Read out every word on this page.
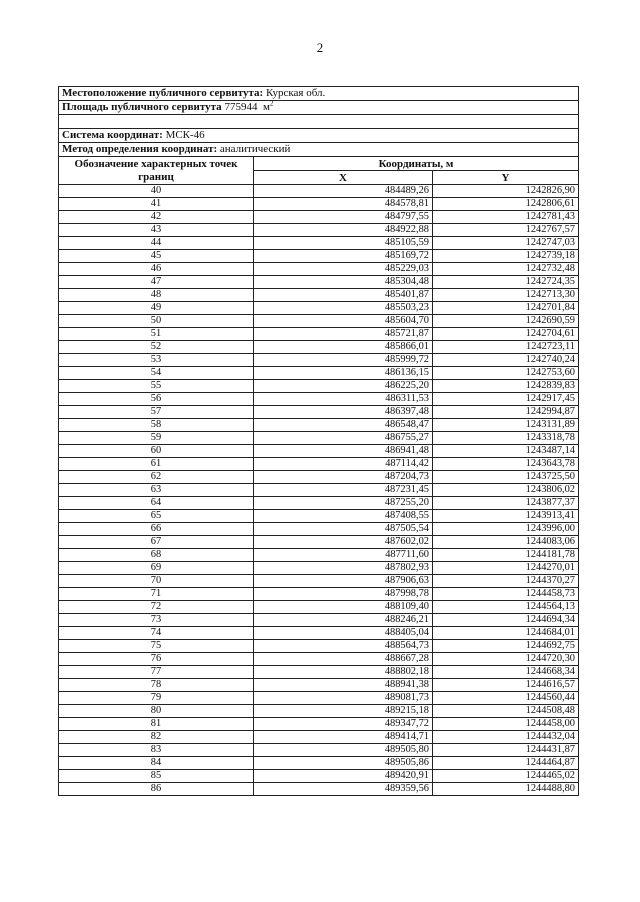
2
Местоположение публичного сервитута: Курская обл.		
Площадь публичного сервитута 775944 $м^2$

Система координат: МСК-46		
Метод определения координат: аналитический		
Обозначение характерных точек границ	Координаты, м	
	X	Y
40	484489,26	1242826,90
41	484578,81	1242806,61
42	484797,55	1242781,43
43	484922,88	1242767,57
44	485105,59	1242747,03
45	485169,72	1242739,18
46	485229,03	1242732,48
47	485304,48	1242724,35
48	485401,87	1242713,30
49	485503,23	1242701,84
50	485604,70	1242690,59
51	485721,87	1242704,61
52	485866,01	1242723,11
53	485999,72	1242740,24
54	486136,15	1242753,60
55	486225,20	1242839,83
56	486311,53	1242917,45
57	486397,48	1242994,87
58	486548,47	1243131,89
59	486755,27	1243318,78
60	486941,48	1243487,14
61	487114,42	1243643,78
62	487204,73	1243725,50
63	487231,45	1243806,02
64	487255,20	1243877,37
65	487408,55	1243913,41
66	487505,54	1243996,00
67	487602,02	1244083,06
68	487711,60	1244181,78
69	487802,93	1244270,01
70	487906,63	1244370,27
71	487998,78	1244458,73
72	488109,40	1244564,13
73	488246,21	1244694,34
74	488405,04	1244684,01
75	488564,73	1244692,75
76	488667,28	1244720,30
77	488802,18	1244668,34
78	488941,38	1244616,57
79	489081,73	1244560,44
80	489215,18	1244508,48
81	489347,72	1244458,00
82	489414,71	1244432,04
83	489505,80	1244431,87
84	489505,86	1244464,87
85	489420,91	1244465,02
86	489359,56	1244488,80
